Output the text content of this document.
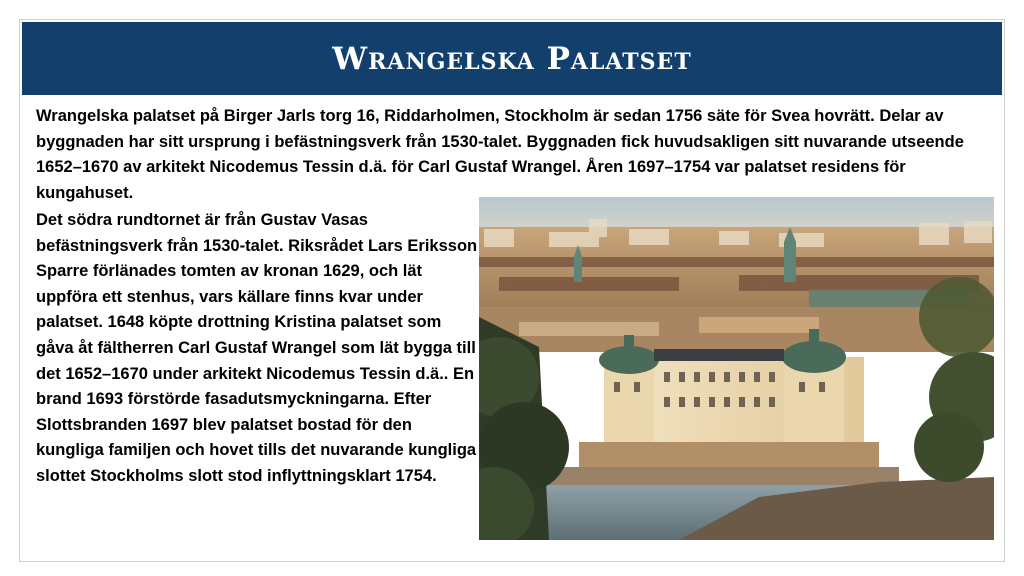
Wrangelska Palatset

Wrangelska palatset på Birger Jarls torg 16, Riddarholmen, Stockholm är sedan 1756 säte för Svea hovrätt. Delar av byggnaden har sitt ursprung i befästningsverk från 1530-talet. Byggnaden fick huvudsakligen sitt nuvarande utseende 1652–1670 av arkitekt Nicodemus Tessin d.ä. för Carl Gustaf Wrangel. Åren 1697–1754 var palatset residens för kungahuset.

Det södra rundtornet är från Gustav Vasas befästningsverk från 1530-talet. Riksrådet Lars Eriksson Sparre förlänades tomten av kronan 1629, och lät uppföra ett stenhus, vars källare finns kvar under palatset. 1648 köpte drottning Kristina palatset som gåva åt fältherren Carl Gustaf Wrangel som lät bygga till det 1652–1670 under arkitekt Nicodemus Tessin d.ä.. En brand 1693 förstörde fasadutsmyckningarna. Efter Slottsbranden 1697 blev palatset bostad för den kungliga familjen och hovet tills det nuvarande kungliga slottet Stockholms slott stod inflyttningsklart 1754.
